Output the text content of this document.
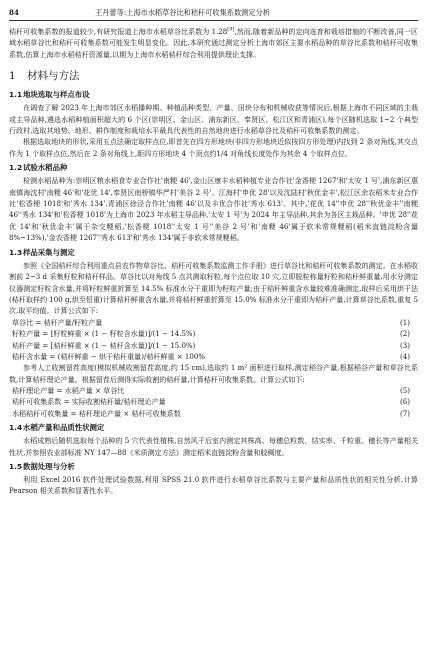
84	王丹蕾等:上海市水稻草谷比和秸秆可收集系数测定分析

秸秆可收集系数的报道较少,有研究报道上海市水稻草谷比系数为 1.28[9],然而,随着新品种的定向选育和栽培措施的不断改善,同一区域水稻草谷比和秸秆可收集系数可能发生明显变化。因此,本研究通过测定分析上海市郊区主要水稻品种的草谷比系数和秸秆可收集系数,估算上海市水稻秸秆资源量,以期为上海市水稻秸秆综合利用提供理论支撑。

1 材料与方法
1.1地块选取与样点布设

在调查了解 2023 年上海市郊区水稻播种期、种植品种类型、产量、田块分布和机械收获等情况后,根据上海市不同区域的主栽或主导品种,遴选水稻种植面积超大的 6 个区(崇明区、金山区、浦东新区、奉贤区、松江区和青浦区),每个区随机选取 1~2 个典型行政村,选取其地势、地形、耕作制度和栽培水平最具代表性的自然地块进行水稻草谷比及秸秆可收集系数的测定。

根据选取地块的形状,采用五点法确定取样点位,即首先在四方形地块(非四方形地块近似按四方形处理)内找到 2 条对角线,其交点作为 1 个取样点位,然后在 2 条对角线上,距四方形地块 4 个顶点约1/4 对角线长度处作为其余 4 个取样点位。

1.2试验水稻品种

检测水稻品种为:崇明区粮水稻食专业合作社'南粳 46',金山区康丰水稻种植专业合作社'金香梗 1267'和'太安 1 号',浦东新区惠南镇海沈村'南粳 46'和'花优 14',奉贤区南桥镇华严村'美谷 2 号'、江海村'申优 28'以及沈陆村'秋优金丰',松江区余农稻米专业合作社'松香梗 1018'和'秀水 134',青浦区徐泾合作社'南粳 46'以及丰优合作社'秀水 613'。其中,'花优 14''申优 28''秋优金丰''南粳 46''秀水 134'和'松香梗 1018'为上海市 2023 年水稻主导品种,'太安 1 号'为 2024 年主导品种,其余为各区主栽品种。'申优 28''花优 14'和'秋优金丰'属于杂交粳稻,'松香梗 1018''太安 1 号''美谷 2 号'和'南粳 46'属于软米常规粳稻(稻米直链淀粉含量 8%~13%),'金农香梗 1267''秀水 613'和'秀水 134'属于非软米常规粳稻。

1.3样品采集与测定

参照《全国秸秆综合利用重点县农作物草谷比、秸秆可收集系数监测工作手册》进行草谷比和秸秆可收集系数的测定。在水稻收割前 2~3 d 采集籽粒和秸秆样品。草谷比以对角线 5 点共测取籽粒,每个点位取 10 穴,立即脱粒称量籽粒和秸秆鲜重量,用水分测定仪器测定籽粒含水量,并将籽粒鲜重折算至 14.5% 标准水分干重即为籽粒产量;由于秸秆鲜重含水量较难准确测定,取样后采用烘干法(秸秆取样约 100 g,烘至恒重)计算秸秆鲜重含水量,并将秸秆鲜重折算至 15.0% 标准水分干重即为秸秆产量,计算草谷比系数,重复 5 次,取平均值。计算公式如下:

草谷比 = 秸秆产量/籽粒产量	(1)
籽粒产量 = [籽粒鲜重 × (1 − 籽粒含水量)]/(1 − 14.5%)	(2)
秸秆产量 = [秸秆鲜重 × (1 − 秸秆含水量)]/(1 − 15.0%)	(3)
秸秆含水量 = (秸秆鲜重 − 烘干秸秆重量)/秸秆鲜重 × 100%	(4)

参考人工收割留茬高度(模拟机械收割留茬高度,约 15 cm),选取约 1 m² 面积进行取样,测定稻谷产量,根据稻谷产量和草谷比系数,计算秸秆理论产量。根据留茬后测得实际收割的秸秆量,计算秸秆可收集系数。计算公式如下:

秸秆理论产量 = 水稻产量 × 草谷比	(5)
秸秆可收集系数 = 实际收割秸秆量/秸秆理论产量	(6)
水稻秸秆可收集量 = 秸秆理论产量 × 秸秆可收集系数	(7)
1.4水稻产量和品质性状测定

水稻成熟后随机选取每个品种的 5 穴代表性植株,自然风干后室内测定其株高、每穗总粒数、结实率、千粒重、穗长等产量相关性状,并参照农业部标准 NY 147—88《米质测定方法》测定稻米直链淀粉含量和胶稠度。

1.5数据处理与分析

利用 Excel 2016 软件处理试验数据,利用 SPSS 21.0 软件进行水稻草谷比系数与主要产量和品质性状的相关性分析,计算 Pearson 相关系数和显著性水平。
